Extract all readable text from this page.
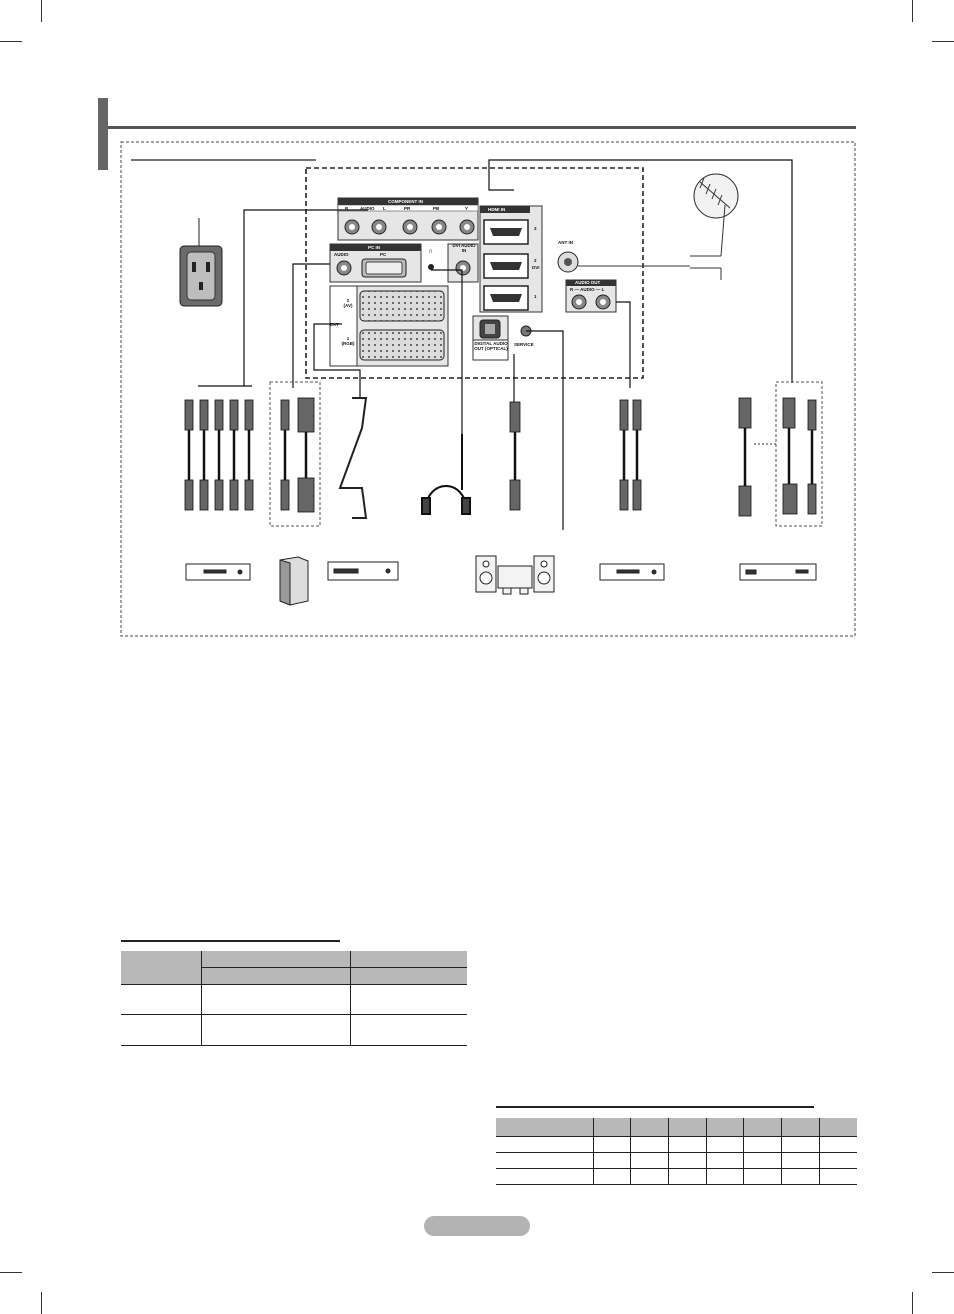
COMPONENT IN
AUDIO
R	L	PR	PB	Y
PC IN
AUDIO	PC	∩
DVI AUDIO IN
HDMI IN
3
2
DVI
1
EXT
2 (AV)
1 (RGB)	DIGITAL AUDIO OUT (OPTICAL)
SERVICE
ANT IN
AUDIO OUT
R — AUDIO — L
